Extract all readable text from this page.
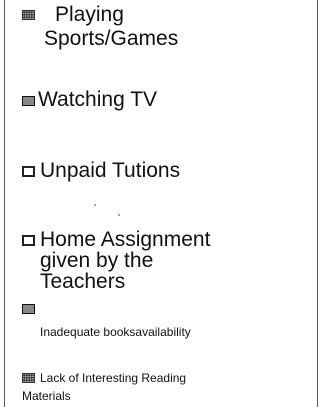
Playing
Sports/Games
Watching TV
Unpaid Tutions
Home Assignment
given by the
Teachers
Inadequate booksavailability
Lack of Interesting Reading
Materials
